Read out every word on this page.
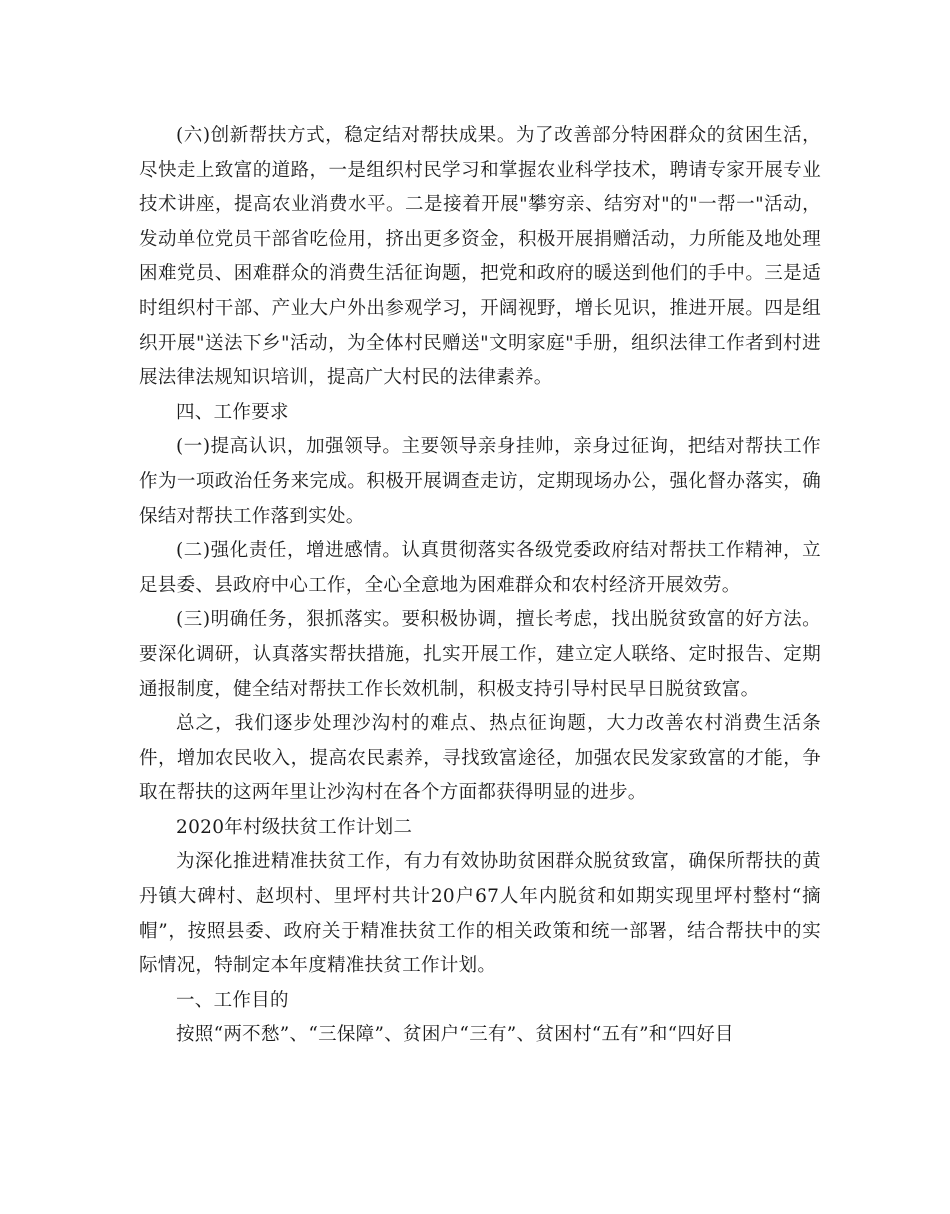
(六)创新帮扶方式，稳定结对帮扶成果。为了改善部分特困群众的贫困生活，尽快走上致富的道路，一是组织村民学习和掌握农业科学技术，聘请专家开展专业技术讲座，提高农业消费水平。二是接着开展"攀穷亲、结穷对"的"一帮一"活动，发动单位党员干部省吃俭用，挤出更多资金，积极开展捐赠活动，力所能及地处理困难党员、困难群众的消费生活征询题，把党和政府的暖送到他们的手中。三是适时组织村干部、产业大户外出参观学习，开阔视野，增长见识，推进开展。四是组织开展"送法下乡"活动，为全体村民赠送"文明家庭"手册，组织法律工作者到村进展法律法规知识培训，提高广大村民的法律素养。

四、工作要求

(一)提高认识，加强领导。主要领导亲身挂帅，亲身过征询，把结对帮扶工作作为一项政治任务来完成。积极开展调查走访，定期现场办公，强化督办落实，确保结对帮扶工作落到实处。

(二)强化责任，增进感情。认真贯彻落实各级党委政府结对帮扶工作精神，立足县委、县政府中心工作，全心全意地为困难群众和农村经济开展效劳。

(三)明确任务，狠抓落实。要积极协调，擅长考虑，找出脱贫致富的好方法。要深化调研，认真落实帮扶措施，扎实开展工作，建立定人联络、定时报告、定期通报制度，健全结对帮扶工作长效机制，积极支持引导村民早日脱贫致富。

总之，我们逐步处理沙沟村的难点、热点征询题，大力改善农村消费生活条件，增加农民收入，提高农民素养，寻找致富途径，加强农民发家致富的才能，争取在帮扶的这两年里让沙沟村在各个方面都获得明显的进步。

2020年村级扶贫工作计划二

为深化推进精准扶贫工作，有力有效协助贫困群众脱贫致富，确保所帮扶的黄丹镇大碑村、赵坝村、里坪村共计20户67人年内脱贫和如期实现里坪村整村“摘帽”，按照县委、政府关于精准扶贫工作的相关政策和统一部署，结合帮扶中的实际情况，特制定本年度精准扶贫工作计划。

一、工作目的

按照“两不愁”、“三保障”、贫困户“三有”、贫困村“五有”和“四好目
